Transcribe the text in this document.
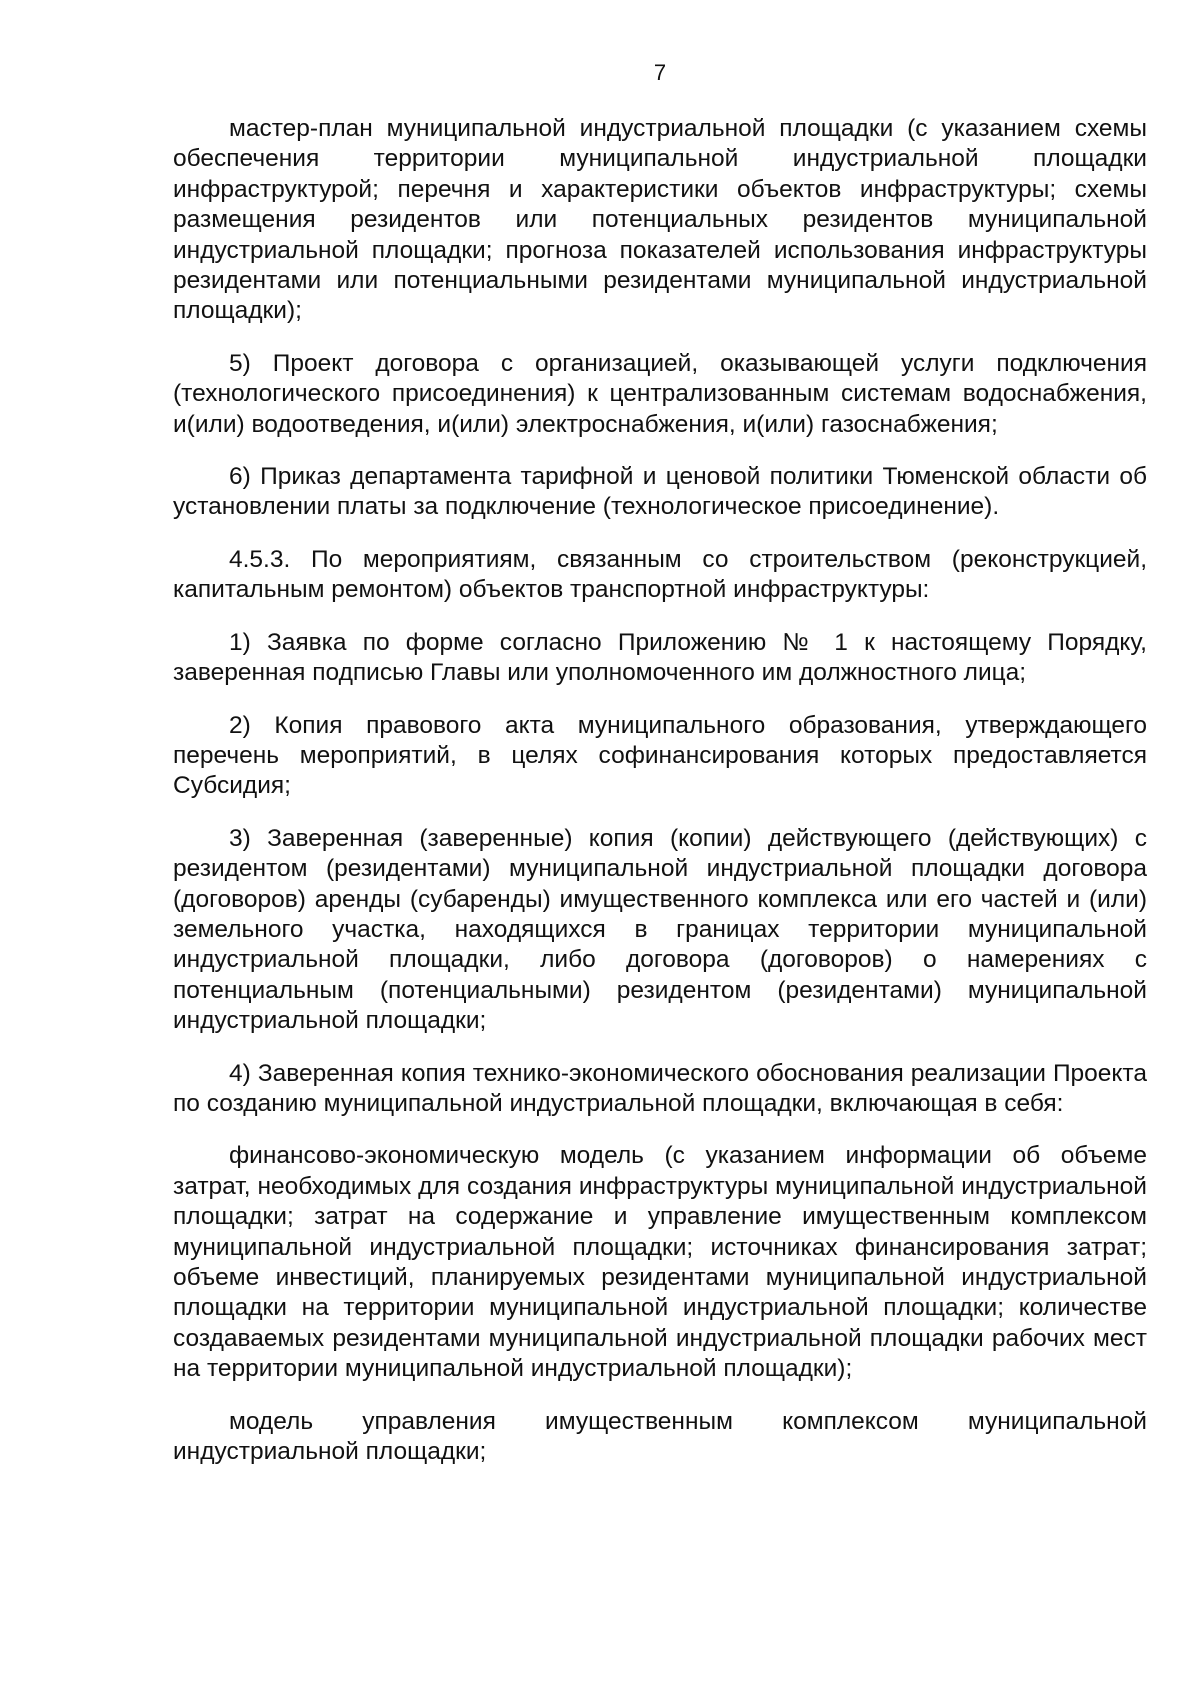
7

мастер-план муниципальной индустриальной площадки (с указанием схемы обеспечения территории муниципальной индустриальной площадки инфраструктурой; перечня и характеристики объектов инфраструктуры; схемы размещения резидентов или потенциальных резидентов муниципальной индустриальной площадки; прогноза показателей использования инфраструктуры резидентами или потенциальными резидентами муниципальной индустриальной площадки);

5) Проект договора с организацией, оказывающей услуги подключения (технологического присоединения) к централизованным системам водоснабжения, и(или) водоотведения, и(или) электроснабжения, и(или) газоснабжения;

6) Приказ департамента тарифной и ценовой политики Тюменской области об установлении платы за подключение (технологическое присоединение).

4.5.3. По мероприятиям, связанным со строительством (реконструкцией, капитальным ремонтом) объектов транспортной инфраструктуры:

1) Заявка по форме согласно Приложению № 1 к настоящему Порядку, заверенная подписью Главы или уполномоченного им должностного лица;

2) Копия правового акта муниципального образования, утверждающего перечень мероприятий, в целях софинансирования которых предоставляется Субсидия;

3) Заверенная (заверенные) копия (копии) действующего (действующих) с резидентом (резидентами) муниципальной индустриальной площадки договора (договоров) аренды (субаренды) имущественного комплекса или его частей и (или) земельного участка, находящихся в границах территории муниципальной индустриальной площадки, либо договора (договоров) о намерениях с потенциальным (потенциальными) резидентом (резидентами) муниципальной индустриальной площадки;

4) Заверенная копия технико-экономического обоснования реализации Проекта по созданию муниципальной индустриальной площадки, включающая в себя:

финансово-экономическую модель (с указанием информации об объеме затрат, необходимых для создания инфраструктуры муниципальной индустриальной площадки; затрат на содержание и управление имущественным комплексом муниципальной индустриальной площадки; источниках финансирования затрат; объеме инвестиций, планируемых резидентами муниципальной индустриальной площадки на территории муниципальной индустриальной площадки; количестве создаваемых резидентами муниципальной индустриальной площадки рабочих мест на территории муниципальной индустриальной площадки);

модель управления имущественным комплексом муниципальной индустриальной площадки;
